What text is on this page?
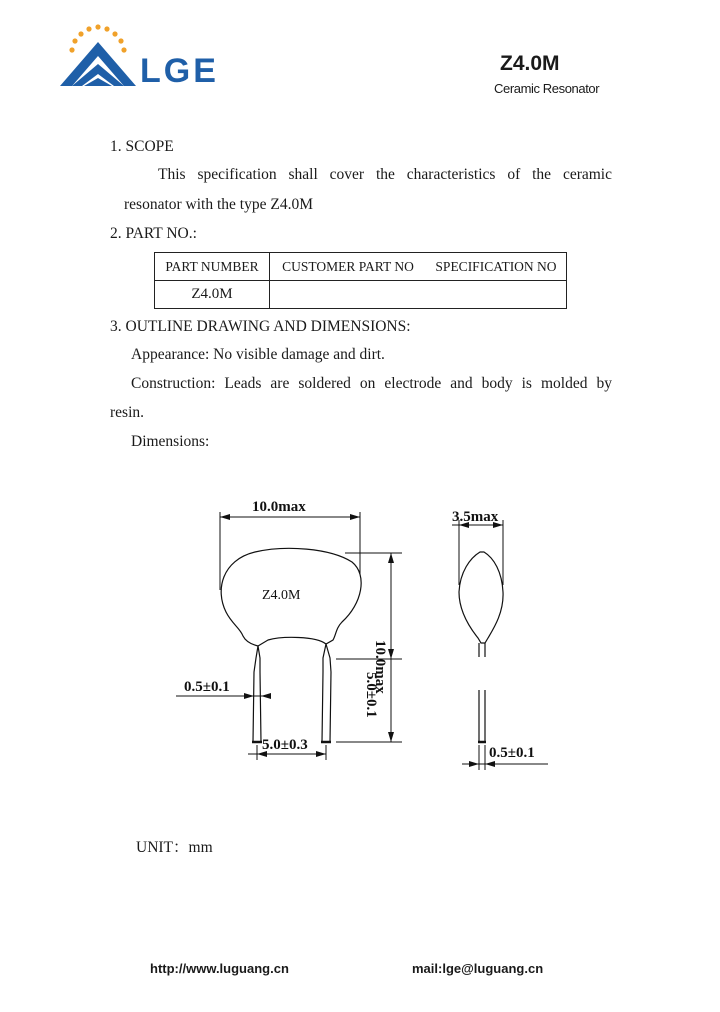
LGE	Z4.0M
Ceramic Resonator
1. SCOPE
This specification shall cover the characteristics of the ceramic
resonator with the type Z4.0M
2. PART NO.:
PART NUMBER	CUSTOMER PART NO	SPECIFICATION NO
Z4.0M		
3. OUTLINE DRAWING AND DIMENSIONS:
Appearance: No visible damage and dirt.
Construction: Leads are soldered on electrode and body is molded by
resin.
Dimensions:
Z4.0M
10.0max
10.0max
5.0±0.1
0.5±0.1
5.0±0.3
3.5max
0.5±0.1
UNIT：mm
http://www.luguang.cn	mail:lge@luguang.cn
